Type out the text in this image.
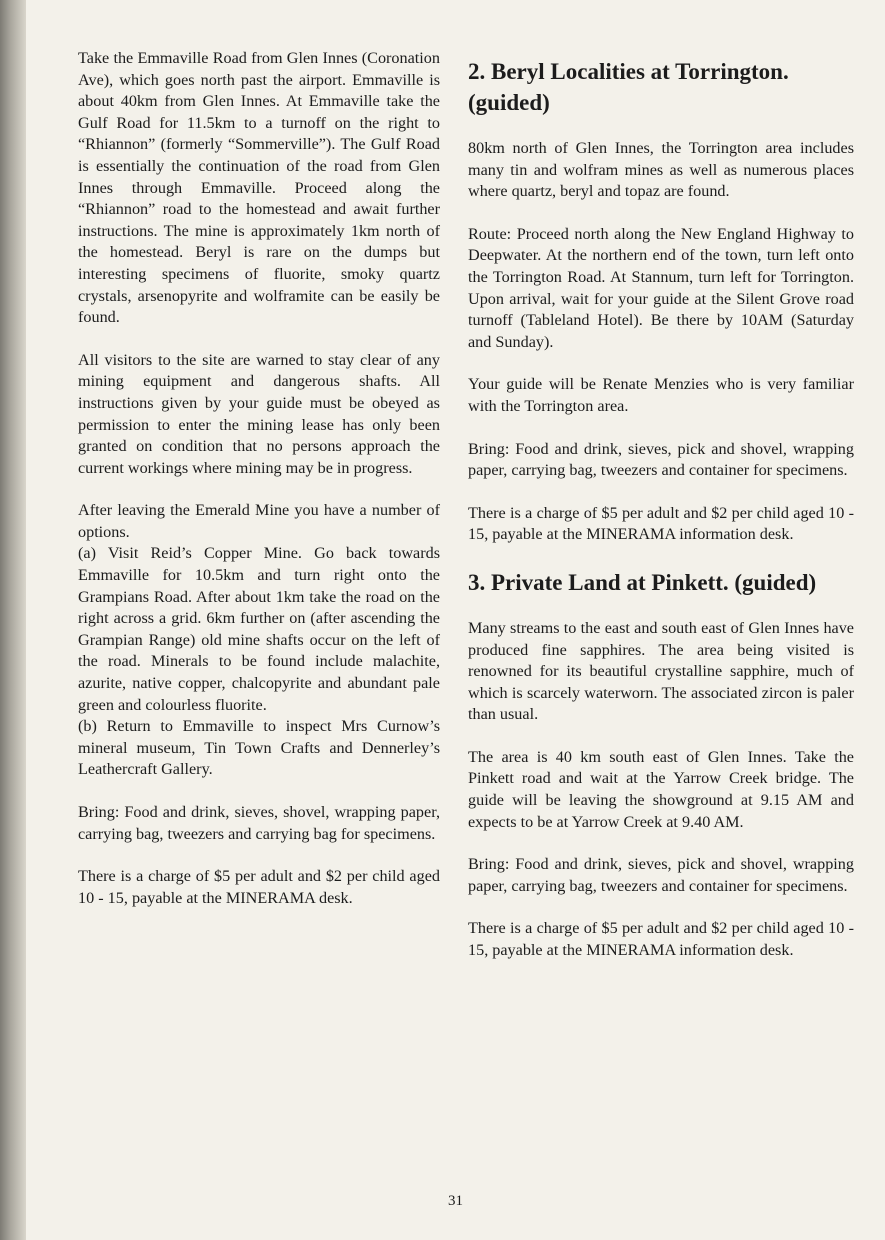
Take the Emmaville Road from Glen Innes (Coronation Ave), which goes north past the airport. Emmaville is about 40km from Glen Innes. At Emmaville take the Gulf Road for 11.5km to a turnoff on the right to “Rhiannon” (formerly “Sommerville”). The Gulf Road is essentially the continuation of the road from Glen Innes through Emmaville. Proceed along the “Rhiannon” road to the homestead and await further instructions. The mine is approximately 1km north of the homestead. Beryl is rare on the dumps but interesting specimens of fluorite, smoky quartz crystals, arsenopyrite and wolframite can be easily be found.

All visitors to the site are warned to stay clear of any mining equipment and dangerous shafts. All instructions given by your guide must be obeyed as permission to enter the mining lease has only been granted on condition that no persons approach the current workings where mining may be in progress.

After leaving the Emerald Mine you have a number of options.

(a) Visit Reid’s Copper Mine. Go back towards Emmaville for 10.5km and turn right onto the Grampians Road. After about 1km take the road on the right across a grid. 6km further on (after ascending the Grampian Range) old mine shafts occur on the left of the road. Minerals to be found include malachite, azurite, native copper, chalcopyrite and abundant pale green and colourless fluorite.

(b) Return to Emmaville to inspect Mrs Curnow’s mineral museum, Tin Town Crafts and Dennerley’s Leathercraft Gallery.

Bring: Food and drink, sieves, shovel, wrapping paper, carrying bag, tweezers and carrying bag for specimens.

There is a charge of $5 per adult and $2 per child aged 10 - 15, payable at the MINERAMA desk.

2. Beryl Localities at Torrington. (guided)

80km north of Glen Innes, the Torrington area includes many tin and wolfram mines as well as numerous places where quartz, beryl and topaz are found.

Route: Proceed north along the New England Highway to Deepwater. At the northern end of the town, turn left onto the Torrington Road. At Stannum, turn left for Torrington. Upon arrival, wait for your guide at the Silent Grove road turnoff (Tableland Hotel). Be there by 10AM (Saturday and Sunday).

Your guide will be Renate Menzies who is very familiar with the Torrington area.

Bring: Food and drink, sieves, pick and shovel, wrapping paper, carrying bag, tweezers and container for specimens.

There is a charge of $5 per adult and $2 per child aged 10 - 15, payable at the MINERAMA information desk.

3. Private Land at Pinkett. (guided)

Many streams to the east and south east of Glen Innes have produced fine sapphires. The area being visited is renowned for its beautiful crystalline sapphire, much of which is scarcely waterworn. The associated zircon is paler than usual.

The area is 40 km south east of Glen Innes. Take the Pinkett road and wait at the Yarrow Creek bridge. The guide will be leaving the showground at 9.15 AM and expects to be at Yarrow Creek at 9.40 AM.

Bring: Food and drink, sieves, pick and shovel, wrapping paper, carrying bag, tweezers and container for specimens.

There is a charge of $5 per adult and $2 per child aged 10 - 15, payable at the MINERAMA information desk.

31
